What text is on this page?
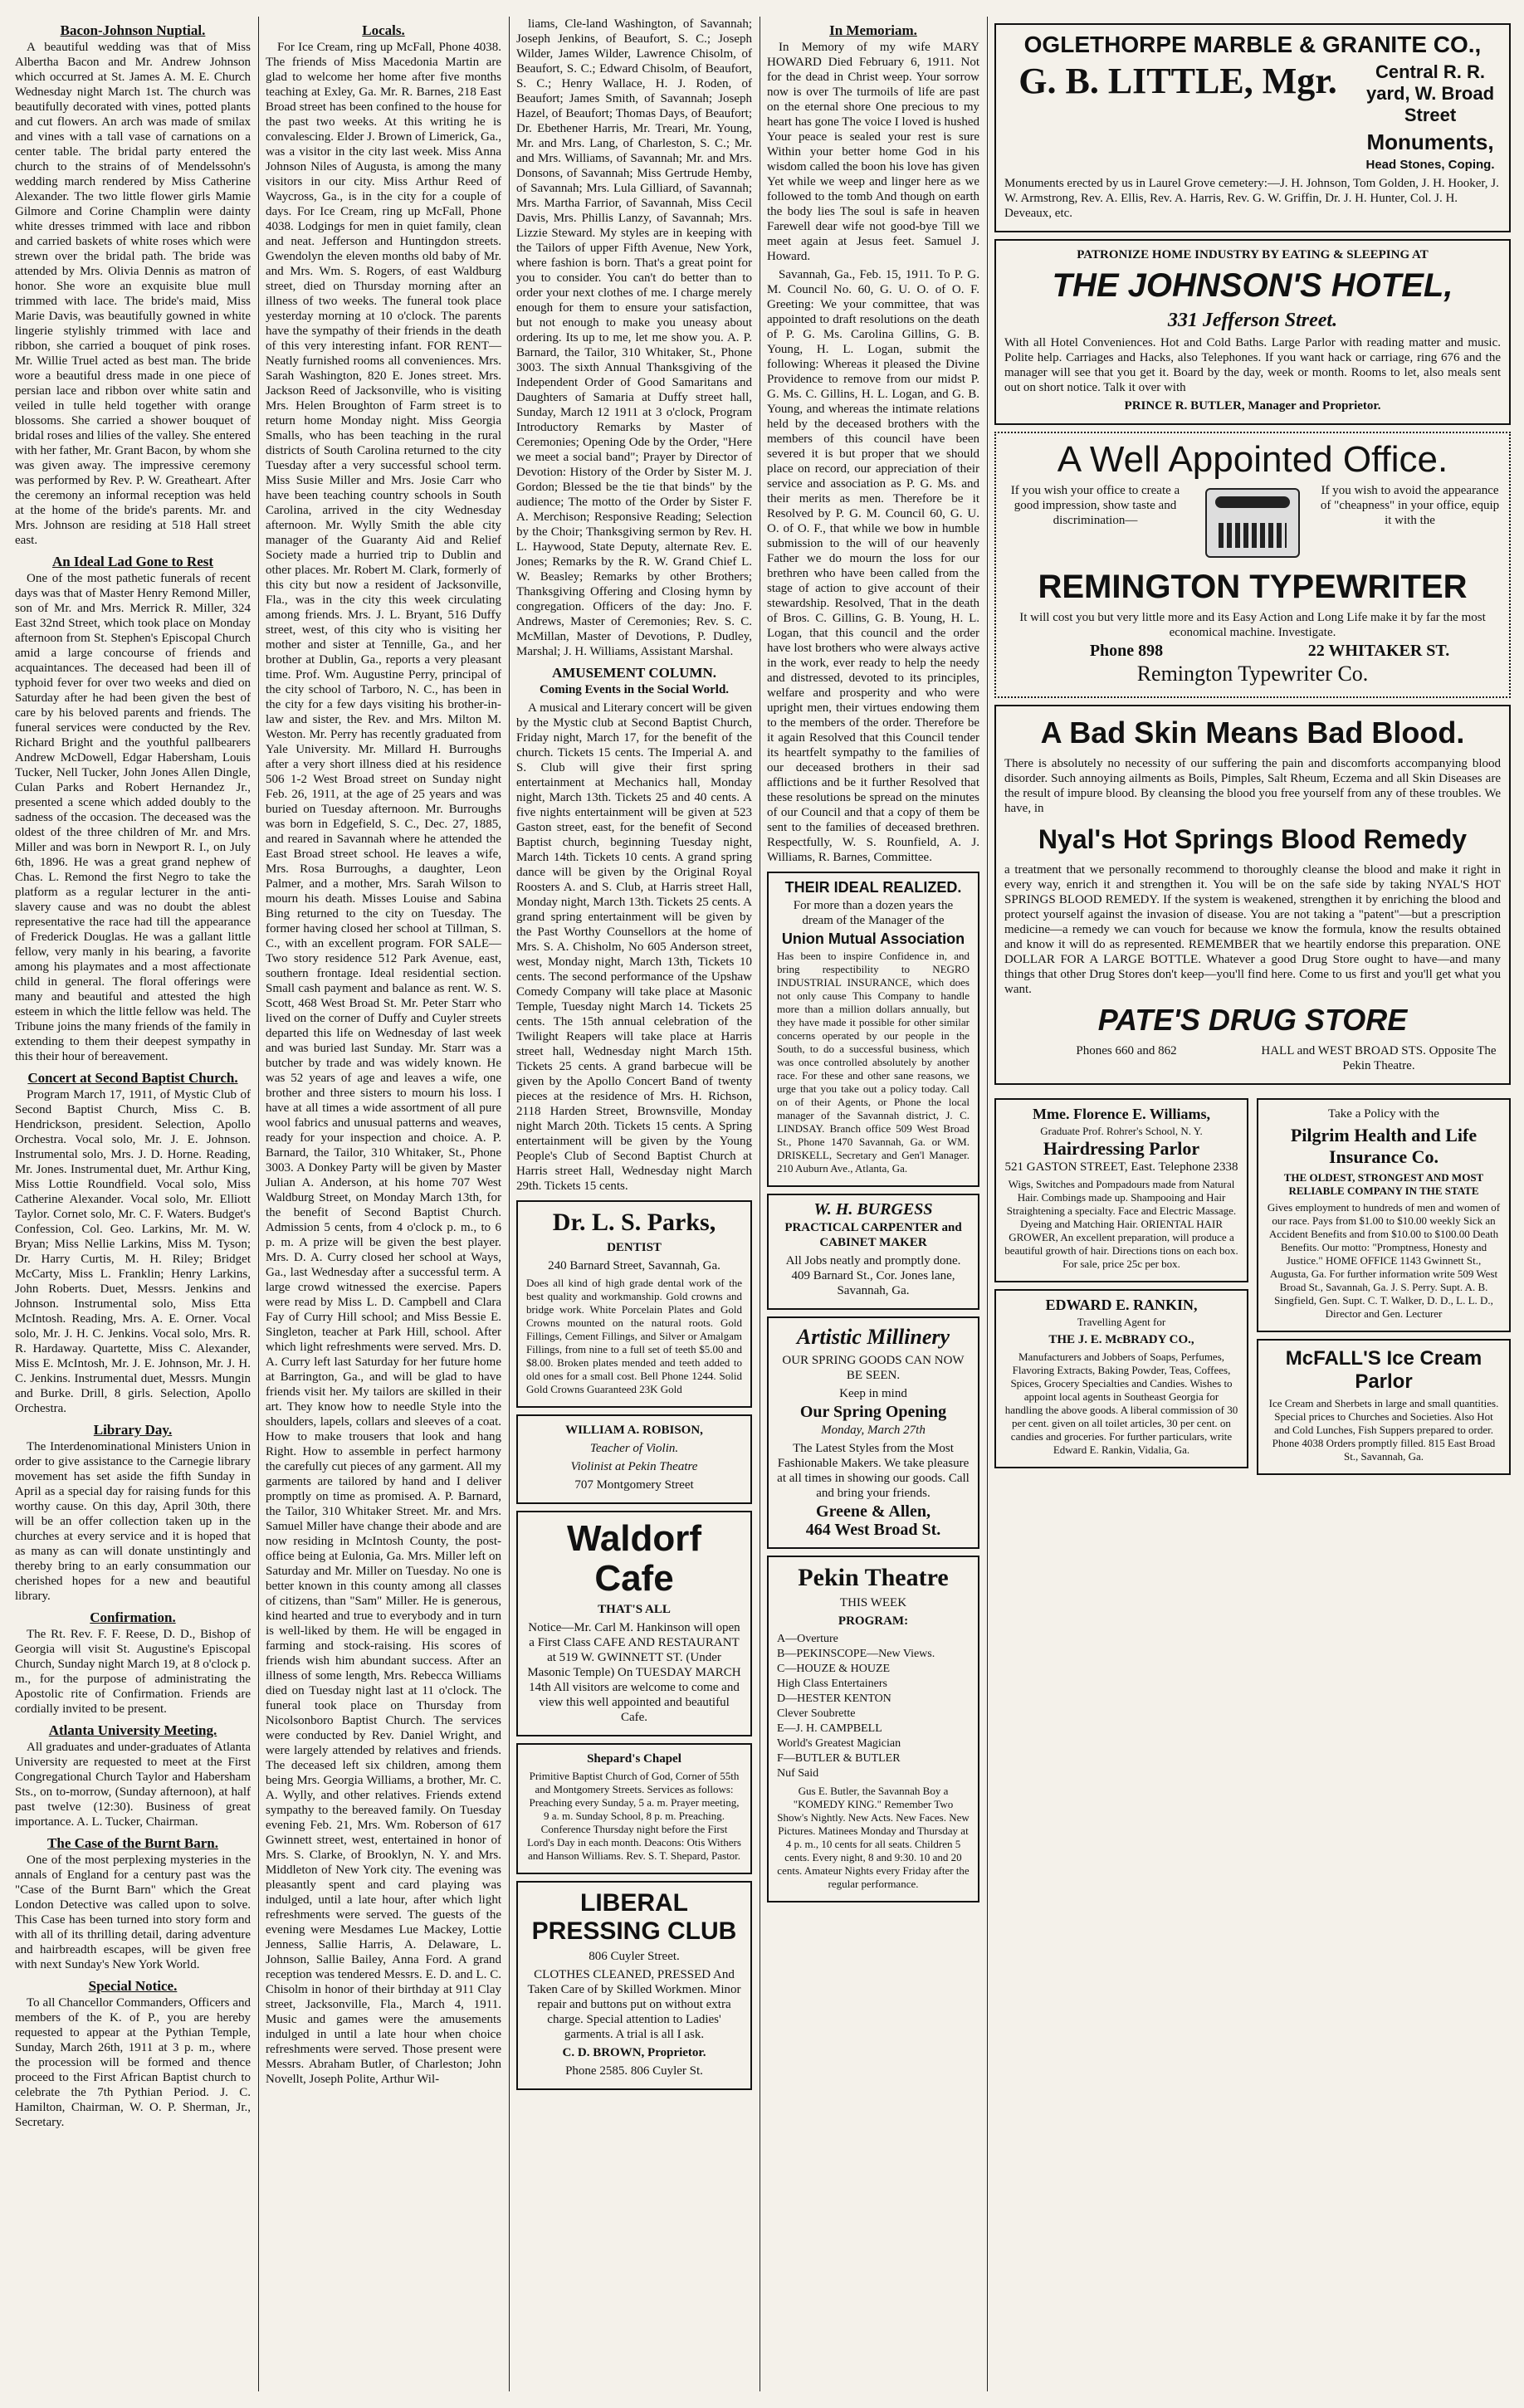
Bacon-Johnson Nuptial.

A beautiful wedding was that of Miss Albertha Bacon and Mr. Andrew Johnson which occurred at St. James A. M. E. Church Wednesday night March 1st. The church was beautifully decorated with vines, potted plants and cut flowers. An arch was made of smilax and vines with a tall vase of carnations on a center table. The bridal party entered the church to the strains of of Mendelssohn's wedding march rendered by Miss Catherine Alexander. The two little flower girls Mamie Gilmore and Corine Champlin were dainty white dresses trimmed with lace and ribbon and carried baskets of white roses which were strewn over the bridal path. The bride was attended by Mrs. Olivia Dennis as matron of honor. She wore an exquisite blue mull trimmed with lace. The bride's maid, Miss Marie Davis, was beautifully gowned in white lingerie stylishly trimmed with lace and ribbon, she carried a bouquet of pink roses. Mr. Willie Truel acted as best man. The bride wore a beautiful dress made in one piece of persian lace and ribbon over white satin and veiled in tulle held together with orange blossoms. She carried a shower bouquet of bridal roses and lilies of the valley. She entered with her father, Mr. Grant Bacon, by whom she was given away. The impressive ceremony was performed by Rev. P. W. Greatheart. After the ceremony an informal reception was held at the home of the bride's parents. Mr. and Mrs. Johnson are residing at 518 Hall street east.

An Ideal Lad Gone to Rest

One of the most pathetic funerals of recent days was that of Master Henry Remond Miller, son of Mr. and Mrs. Merrick R. Miller, 324 East 32nd Street, which took place on Monday afternoon from St. Stephen's Episcopal Church amid a large concourse of friends and acquaintances. The deceased had been ill of typhoid fever for over two weeks and died on Saturday after he had been given the best of care by his beloved parents and friends. The funeral services were conducted by the Rev. Richard Bright and the youthful pallbearers Andrew McDowell, Edgar Habersham, Louis Tucker, Nell Tucker, John Jones Allen Dingle, Culan Parks and Robert Hernandez Jr., presented a scene which added doubly to the sadness of the occasion. The deceased was the oldest of the three children of Mr. and Mrs. Miller and was born in Newport R. I., on July 6th, 1896. He was a great grand nephew of Chas. L. Remond the first Negro to take the platform as a regular lecturer in the anti-slavery cause and was no doubt the ablest representative the race had till the appearance of Frederick Douglas. He was a gallant little fellow, very manly in his bearing, a favorite among his playmates and a most affectionate child in general. The floral offerings were many and beautiful and attested the high esteem in which the little fellow was held. The Tribune joins the many friends of the family in extending to them their deepest sympathy in this their hour of bereavement.

Concert at Second Baptist Church.

Program March 17, 1911, of Mystic Club of Second Baptist Church, Miss C. B. Hendrickson, president. Selection, Apollo Orchestra. Vocal solo, Mr. J. E. Johnson. Instrumental solo, Mrs. J. D. Horne. Reading, Mr. Jones. Instrumental duet, Mr. Arthur King, Miss Lottie Roundfield. Vocal solo, Miss Catherine Alexander. Vocal solo, Mr. Elliott Taylor. Cornet solo, Mr. C. F. Waters. Budget's Confession, Col. Geo. Larkins, Mr. M. W. Bryan; Miss Nellie Larkins, Miss M. Tyson; Dr. Harry Curtis, M. H. Riley; Bridget McCarty, Miss L. Franklin; Henry Larkins, John Roberts. Duet, Messrs. Jenkins and Johnson. Instrumental solo, Miss Etta McIntosh. Reading, Mrs. A. E. Orner. Vocal solo, Mr. J. H. C. Jenkins. Vocal solo, Mrs. R. R. Hardaway. Quartette, Miss C. Alexander, Miss E. McIntosh, Mr. J. E. Johnson, Mr. J. H. C. Jenkins. Instrumental duet, Messrs. Mungin and Burke. Drill, 8 girls. Selection, Apollo Orchestra.

Library Day.

The Interdenominational Ministers Union in order to give assistance to the Carnegie library movement has set aside the fifth Sunday in April as a special day for raising funds for this worthy cause. On this day, April 30th, there will be an offer collection taken up in the churches at every service and it is hoped that as many as can will donate unstintingly and thereby bring to an early consummation our cherished hopes for a new and beautiful library.

Confirmation.

The Rt. Rev. F. F. Reese, D. D., Bishop of Georgia will visit St. Augustine's Episcopal Church, Sunday night March 19, at 8 o'clock p. m., for the purpose of administrating the Apostolic rite of Confirmation. Friends are cordially invited to be present.

Atlanta University Meeting.

All graduates and under-graduates of Atlanta University are requested to meet at the First Congregational Church Taylor and Habersham Sts., on to-morrow, (Sunday afternoon), at half past twelve (12:30). Business of great importance. A. L. Tucker, Chairman.

The Case of the Burnt Barn.

One of the most perplexing mysteries in the annals of England for a century past was the "Case of the Burnt Barn" which the Great London Detective was called upon to solve. This Case has been turned into story form and with all of its thrilling detail, daring adventure and hairbreadth escapes, will be given free with next Sunday's New York World.

Special Notice.

To all Chancellor Commanders, Officers and members of the K. of P., you are hereby requested to appear at the Pythian Temple, Sunday, March 26th, 1911 at 3 p. m., where the procession will be formed and thence proceed to the First African Baptist church to celebrate the 7th Pythian Period. J. C. Hamilton, Chairman, W. O. P. Sherman, Jr., Secretary.

Locals.

For Ice Cream, ring up McFall, Phone 4038. The friends of Miss Macedonia Martin are glad to welcome her home after five months teaching at Exley, Ga. Mr. R. Barnes, 218 East Broad street has been confined to the house for the past two weeks. At this writing he is convalescing. Elder J. Brown of Limerick, Ga., was a visitor in the city last week. Miss Anna Johnson Niles of Augusta, is among the many visitors in our city. Miss Arthur Reed of Waycross, Ga., is in the city for a couple of days. For Ice Cream, ring up McFall, Phone 4038. Lodgings for men in quiet family, clean and neat. Jefferson and Huntingdon streets. Gwendolyn the eleven months old baby of Mr. and Mrs. Wm. S. Rogers, of east Waldburg street, died on Thursday morning after an illness of two weeks. The funeral took place yesterday morning at 10 o'clock. The parents have the sympathy of their friends in the death of this very interesting infant. FOR RENT—Neatly furnished rooms all conveniences. Mrs. Sarah Washington, 820 E. Jones street. Mrs. Jackson Reed of Jacksonville, who is visiting Mrs. Helen Broughton of Farm street is to return home Monday night. Miss Georgia Smalls, who has been teaching in the rural districts of South Carolina returned to the city Tuesday after a very successful school term. Miss Susie Miller and Mrs. Josie Carr who have been teaching country schools in South Carolina, arrived in the city Wednesday afternoon. Mr. Wylly Smith the able city manager of the Guaranty Aid and Relief Society made a hurried trip to Dublin and other places. Mr. Robert M. Clark, formerly of this city but now a resident of Jacksonville, Fla., was in the city this week circulating among friends. Mrs. J. L. Bryant, 516 Duffy street, west, of this city who is visiting her mother and sister at Tennille, Ga., and her brother at Dublin, Ga., reports a very pleasant time. Prof. Wm. Augustine Perry, principal of the city school of Tarboro, N. C., has been in the city for a few days visiting his brother-in-law and sister, the Rev. and Mrs. Milton M. Weston. Mr. Perry has recently graduated from Yale University. Mr. Millard H. Burroughs after a very short illness died at his residence 506 1-2 West Broad street on Sunday night Feb. 26, 1911, at the age of 25 years and was buried on Tuesday afternoon. Mr. Burroughs was born in Edgefield, S. C., Dec. 27, 1885, and reared in Savannah where he attended the East Broad street school. He leaves a wife, Mrs. Rosa Burroughs, a daughter, Leon Palmer, and a mother, Mrs. Sarah Wilson to mourn his death. Misses Louise and Sabina Bing returned to the city on Tuesday. The former having closed her school at Tillman, S. C., with an excellent program. FOR SALE—Two story residence 512 Park Avenue, east, southern frontage. Ideal residential section. Small cash payment and balance as rent. W. S. Scott, 468 West Broad St. Mr. Peter Starr who lived on the corner of Duffy and Cuyler streets departed this life on Wednesday of last week and was buried last Sunday. Mr. Starr was a butcher by trade and was widely known. He was 52 years of age and leaves a wife, one brother and three sisters to mourn his loss. I have at all times a wide assortment of all pure wool fabrics and unusual patterns and weaves, ready for your inspection and choice. A. P. Barnard, the Tailor, 310 Whitaker, St., Phone 3003. A Donkey Party will be given by Master Julian A. Anderson, at his home 707 West Waldburg Street, on Monday March 13th, for the benefit of Second Baptist Church. Admission 5 cents, from 4 o'clock p. m., to 6 p. m. A prize will be given the best player. Mrs. D. A. Curry closed her school at Ways, Ga., last Wednesday after a successful term. A large crowd witnessed the exercise. Papers were read by Miss L. D. Campbell and Clara Fay of Curry Hill school; and Miss Bessie E. Singleton, teacher at Park Hill, school. After which light refreshments were served. Mrs. D. A. Curry left last Saturday for her future home at Barrington, Ga., and will be glad to have friends visit her. My tailors are skilled in their art. They know how to needle Style into the shoulders, lapels, collars and sleeves of a coat. How to make trousers that look and hang Right. How to assemble in perfect harmony the carefully cut pieces of any garment. All my garments are tailored by hand and I deliver promptly on time as promised. A. P. Barnard, the Tailor, 310 Whitaker Street. Mr. and Mrs. Samuel Miller have change their abode and are now residing in McIntosh County, the post-office being at Eulonia, Ga. Mrs. Miller left on Saturday and Mr. Miller on Tuesday. No one is better known in this county among all classes of citizens, than "Sam" Miller. He is generous, kind hearted and true to everybody and in turn is well-liked by them. He will be engaged in farming and stock-raising. His scores of friends wish him abundant success. After an illness of some length, Mrs. Rebecca Williams died on Tuesday night last at 11 o'clock. The funeral took place on Thursday from Nicolsonboro Baptist Church. The services were conducted by Rev. Daniel Wright, and were largely attended by relatives and friends. The deceased left six children, among them being Mrs. Georgia Williams, a brother, Mr. C. A. Wylly, and other relatives. Friends extend sympathy to the bereaved family. On Tuesday evening Feb. 21, Mrs. Wm. Roberson of 617 Gwinnett street, west, entertained in honor of Mrs. S. Clarke, of Brooklyn, N. Y. and Mrs. Middleton of New York city. The evening was pleasantly spent and card playing was indulged, until a late hour, after which light refreshments were served. The guests of the evening were Mesdames Lue Mackey, Lottie Jenness, Sallie Harris, A. Delaware, L. Johnson, Sallie Bailey, Anna Ford. A grand reception was tendered Messrs. E. D. and L. C. Chisolm in honor of their birthday at 911 Clay street, Jacksonville, Fla., March 4, 1911. Music and games were the amusements indulged in until a late hour when choice refreshments were served. Those present were Messrs. Abraham Butler, of Charleston; John Novellt, Joseph Polite, Arthur Wil-

liams, Cle-land Washington, of Savannah; Joseph Jenkins, of Beaufort, S. C.; Joseph Wilder, James Wilder, Lawrence Chisolm, of Beaufort, S. C.; Edward Chisolm, of Beaufort, S. C.; Henry Wallace, H. J. Roden, of Beaufort; James Smith, of Savannah; Joseph Hazel, of Beaufort; Thomas Days, of Beaufort; Dr. Ebethener Harris, Mr. Treari, Mr. Young, Mr. and Mrs. Lang, of Charleston, S. C.; Mr. and Mrs. Williams, of Savannah; Mr. and Mrs. Donsons, of Savannah; Miss Gertrude Hemby, of Savannah; Mrs. Lula Gilliard, of Savannah; Mrs. Martha Farrior, of Savannah, Miss Cecil Davis, Mrs. Phillis Lanzy, of Savannah; Mrs. Lizzie Steward. My styles are in keeping with the Tailors of upper Fifth Avenue, New York, where fashion is born. That's a great point for you to consider. You can't do better than to order your next clothes of me. I charge merely enough for them to ensure your satisfaction, but not enough to make you uneasy about ordering. Its up to me, let me show you. A. P. Barnard, the Tailor, 310 Whitaker, St., Phone 3003. The sixth Annual Thanksgiving of the Independent Order of Good Samaritans and Daughters of Samaria at Duffy street hall, Sunday, March 12 1911 at 3 o'clock, Program Introductory Remarks by Master of Ceremonies; Opening Ode by the Order, "Here we meet a social band"; Prayer by Director of Devotion: History of the Order by Sister M. J. Gordon; Blessed be the tie that binds" by the audience; The motto of the Order by Sister F. A. Merchison; Responsive Reading; Selection by the Choir; Thanksgiving sermon by Rev. H. L. Haywood, State Deputy, alternate Rev. E. Jones; Remarks by the R. W. Grand Chief L. W. Beasley; Remarks by other Brothers; Thanksgiving Offering and Closing hymn by congregation. Officers of the day: Jno. F. Andrews, Master of Ceremonies; Rev. S. C. McMillan, Master of Devotions, P. Dudley, Marshal; J. H. Williams, Assistant Marshal.

AMUSEMENT COLUMN.

Coming Events in the Social World.

A musical and Literary concert will be given by the Mystic club at Second Baptist Church, Friday night, March 17, for the benefit of the church. Tickets 15 cents. The Imperial A. and S. Club will give their first spring entertainment at Mechanics hall, Monday night, March 13th. Tickets 25 and 40 cents. A five nights entertainment will be given at 523 Gaston street, east, for the benefit of Second Baptist church, beginning Tuesday night, March 14th. Tickets 10 cents. A grand spring dance will be given by the Original Royal Roosters A. and S. Club, at Harris street Hall, Monday night, March 13th. Tickets 25 cents. A grand spring entertainment will be given by the Past Worthy Counsellors at the home of Mrs. S. A. Chisholm, No 605 Anderson street, west, Monday night, March 13th, Tickets 10 cents. The second performance of the Upshaw Comedy Company will take place at Masonic Temple, Tuesday night March 14. Tickets 25 cents. The 15th annual celebration of the Twilight Reapers will take place at Harris street hall, Wednesday night March 15th. Tickets 25 cents. A grand barbecue will be given by the Apollo Concert Band of twenty pieces at the residence of Mrs. H. Richson, 2118 Harden Street, Brownsville, Monday night March 20th. Tickets 15 cents. A Spring entertainment will be given by the Young People's Club of Second Baptist Church at Harris street Hall, Wednesday night March 29th. Tickets 15 cents.

Dr. L. S. Parks,

DENTIST

240 Barnard Street, Savannah, Ga.

Does all kind of high grade dental work of the best quality and workmanship. Gold crowns and bridge work. White Porcelain Plates and Gold Crowns mounted on the natural roots. Gold Fillings, Cement Fillings, and Silver or Amalgam Fillings, from nine to a full set of teeth $5.00 and $8.00. Broken plates mended and teeth added to old ones for a small cost. Bell Phone 1244. Solid Gold Crowns Guaranteed 23K Gold

WILLIAM A. ROBISON,

Teacher of Violin.

Violinist at Pekin Theatre

707 Montgomery Street

Waldorf Cafe

THAT'S ALL

Notice—Mr. Carl M. Hankinson will open a First Class CAFE AND RESTAURANT at 519 W. GWINNETT ST. (Under Masonic Temple) On TUESDAY MARCH 14th All visitors are welcome to come and view this well appointed and beautiful Cafe.

Shepard's Chapel

Primitive Baptist Church of God, Corner of 55th and Montgomery Streets. Services as follows: Preaching every Sunday, 5 a. m. Prayer meeting, 9 a. m. Sunday School, 8 p. m. Preaching. Conference Thursday night before the First Lord's Day in each month. Deacons: Otis Withers and Hanson Williams. Rev. S. T. Shepard, Pastor.

LIBERAL PRESSING CLUB

806 Cuyler Street.

CLOTHES CLEANED, PRESSED And Taken Care of by Skilled Workmen. Minor repair and buttons put on without extra charge. Special attention to Ladies' garments. A trial is all I ask.

C. D. BROWN, Proprietor.

Phone 2585. 806 Cuyler St.

In Memoriam.

In Memory of my wife MARY HOWARD Died February 6, 1911. Not for the dead in Christ weep. Your sorrow now is over The turmoils of life are past on the eternal shore One precious to my heart has gone The voice I loved is hushed Your peace is sealed your rest is sure Within your better home God in his wisdom called the boon his love has given Yet while we weep and linger here as we followed to the tomb And though on earth the body lies The soul is safe in heaven Farewell dear wife not good-bye Till we meet again at Jesus feet. Samuel J. Howard.

Savannah, Ga., Feb. 15, 1911. To P. G. M. Council No. 60, G. U. O. of O. F. Greeting: We your committee, that was appointed to draft resolutions on the death of P. G. Ms. Carolina Gillins, G. B. Young, H. L. Logan, submit the following: Whereas it pleased the Divine Providence to remove from our midst P. G. Ms. C. Gillins, H. L. Logan, and G. B. Young, and whereas the intimate relations held by the deceased brothers with the members of this council have been severed it is but proper that we should place on record, our appreciation of their service and association as P. G. Ms. and their merits as men. Therefore be it Resolved by P. G. M. Council 60, G. U. O. of O. F., that while we bow in humble submission to the will of our heavenly Father we do mourn the loss for our brethren who have been called from the stage of action to give account of their stewardship. Resolved, That in the death of Bros. C. Gillins, G. B. Young, H. L. Logan, that this council and the order have lost brothers who were always active in the work, ever ready to help the needy and distressed, devoted to its principles, welfare and prosperity and who were upright men, their virtues endowing them to the members of the order. Therefore be it again Resolved that this Council tender its heartfelt sympathy to the families of our deceased brothers in their sad afflictions and be it further Resolved that these resolutions be spread on the minutes of our Council and that a copy of them be sent to the families of deceased brethren. Respectfully, W. S. Rounfield, A. J. Williams, R. Barnes, Committee.

THEIR IDEAL REALIZED.

For more than a dozen years the dream of the Manager of the

Union Mutual Association

Has been to inspire Confidence in, and bring respectibility to NEGRO INDUSTRIAL INSURANCE, which does not only cause This Company to handle more than a million dollars annually, but they have made it possible for other similar concerns operated by our people in the South, to do a successful business, which was once controlled absolutely by another race. For these and other sane reasons, we urge that you take out a policy today. Call on of their Agents, or Phone the local manager of the Savannah district, J. C. LINDSAY. Branch office 509 West Broad St., Phone 1470 Savannah, Ga. or WM. DRISKELL, Secretary and Gen'l Manager. 210 Auburn Ave., Atlanta, Ga.

W. H. BURGESS

PRACTICAL CARPENTER and CABINET MAKER

All Jobs neatly and promptly done. 409 Barnard St., Cor. Jones lane, Savannah, Ga.

Artistic Millinery

OUR SPRING GOODS CAN NOW BE SEEN.

Keep in mind

Our Spring Opening

Monday, March 27th

The Latest Styles from the Most Fashionable Makers. We take pleasure at all times in showing our goods. Call and bring your friends.

Greene & Allen,

464 West Broad St.

Pekin Theatre

THIS WEEK

PROGRAM:

A—Overture
B—PEKINSCOPE—New Views.
C—HOUZE & HOUZE
High Class Entertainers
D—HESTER KENTON
Clever Soubrette
E—J. H. CAMPBELL
World's Greatest Magician
F—BUTLER & BUTLER
Nuf Said

Gus E. Butler, the Savannah Boy a "KOMEDY KING." Remember Two Show's Nightly. New Acts. New Faces. New Pictures. Matinees Monday and Thursday at 4 p. m., 10 cents for all seats. Children 5 cents. Every night, 8 and 9:30. 10 and 20 cents. Amateur Nights every Friday after the regular performance.

OGLETHORPE MARBLE & GRANITE CO.,

G. B. LITTLE, Mgr.	Central R. R. yard, W. Broad Street

Monuments,

Head Stones, Coping.

Monuments erected by us in Laurel Grove cemetery:—J. H. Johnson, Tom Golden, J. H. Hooker, J. W. Armstrong, Rev. A. Ellis, Rev. A. Harris, Rev. G. W. Griffin, Dr. J. H. Hunter, Col. J. H. Deveaux, etc.

PATRONIZE HOME INDUSTRY BY EATING & SLEEPING AT

THE JOHNSON'S HOTEL,

331 Jefferson Street.

With all Hotel Conveniences. Hot and Cold Baths. Large Parlor with reading matter and music. Polite help. Carriages and Hacks, also Telephones. If you want hack or carriage, ring 676 and the manager will see that you get it. Board by the day, week or month. Rooms to let, also meals sent out on short notice. Talk it over with

PRINCE R. BUTLER, Manager and Proprietor.

A Well Appointed Office.

If you wish your office to create a good impression, show taste and discrimination—

If you wish to avoid the appearance of "cheapness" in your office, equip it with the

REMINGTON TYPEWRITER

It will cost you but very little more and its Easy Action and Long Life make it by far the most economical machine. Investigate.

Phone 898	22 WHITAKER ST.

Remington Typewriter Co.

A Bad Skin Means Bad Blood.

There is absolutely no necessity of our suffering the pain and discomforts accompanying blood disorder. Such annoying ailments as Boils, Pimples, Salt Rheum, Eczema and all Skin Diseases are the result of impure blood. By cleansing the blood you free yourself from any of these troubles. We have, in

Nyal's Hot Springs Blood Remedy

a treatment that we personally recommend to thoroughly cleanse the blood and make it right in every way, enrich it and strengthen it. You will be on the safe side by taking NYAL'S HOT SPRINGS BLOOD REMEDY. If the system is weakened, strengthen it by enriching the blood and protect yourself against the invasion of disease. You are not taking a "patent"—but a prescription medicine—a remedy we can vouch for because we know the formula, know the results obtained and know it will do as represented. REMEMBER that we heartily endorse this preparation. ONE DOLLAR FOR A LARGE BOTTLE. Whatever a good Drug Store ought to have—and many things that other Drug Stores don't keep—you'll find here. Come to us first and you'll get what you want.

PATE'S DRUG STORE

Phones 660 and 862	HALL and WEST BROAD STS. Opposite The Pekin Theatre.

Mme. Florence E. Williams,

Graduate Prof. Rohrer's School, N. Y.

Hairdressing Parlor

521 GASTON STREET, East. Telephone 2338

Wigs, Switches and Pompadours made from Natural Hair. Combings made up. Shampooing and Hair Straightening a specialty. Face and Electric Massage. Dyeing and Matching Hair. ORIENTAL HAIR GROWER, An excellent preparation, will produce a beautiful growth of hair. Directions tions on each box. For sale, price 25c per box.

EDWARD E. RANKIN,

Travelling Agent for

THE J. E. McBRADY CO.,

Manufacturers and Jobbers of Soaps, Perfumes, Flavoring Extracts, Baking Powder, Teas, Coffees, Spices, Grocery Specialties and Candies. Wishes to appoint local agents in Southeast Georgia for handling the above goods. A liberal commission of 30 per cent. given on all toilet articles, 30 per cent. on candies and groceries. For further particulars, write Edward E. Rankin, Vidalia, Ga.

Take a Policy with the

Pilgrim Health and Life Insurance Co.

THE OLDEST, STRONGEST AND MOST RELIABLE COMPANY IN THE STATE

Gives employment to hundreds of men and women of our race. Pays from $1.00 to $10.00 weekly Sick an Accident Benefits and from $10.00 to $100.00 Death Benefits. Our motto: "Promptness, Honesty and Justice." HOME OFFICE 1143 Gwinnett St., Augusta, Ga. For further information write 509 West Broad St., Savannah, Ga. J. S. Perry. Supt. A. B. Singfield, Gen. Supt. C. T. Walker, D. D., L. L. D., Director and Gen. Lecturer

McFALL'S Ice Cream Parlor

Ice Cream and Sherbets in large and small quantities. Special prices to Churches and Societies. Also Hot and Cold Lunches, Fish Suppers prepared to order. Phone 4038 Orders promptly filled. 815 East Broad St., Savannah, Ga.
